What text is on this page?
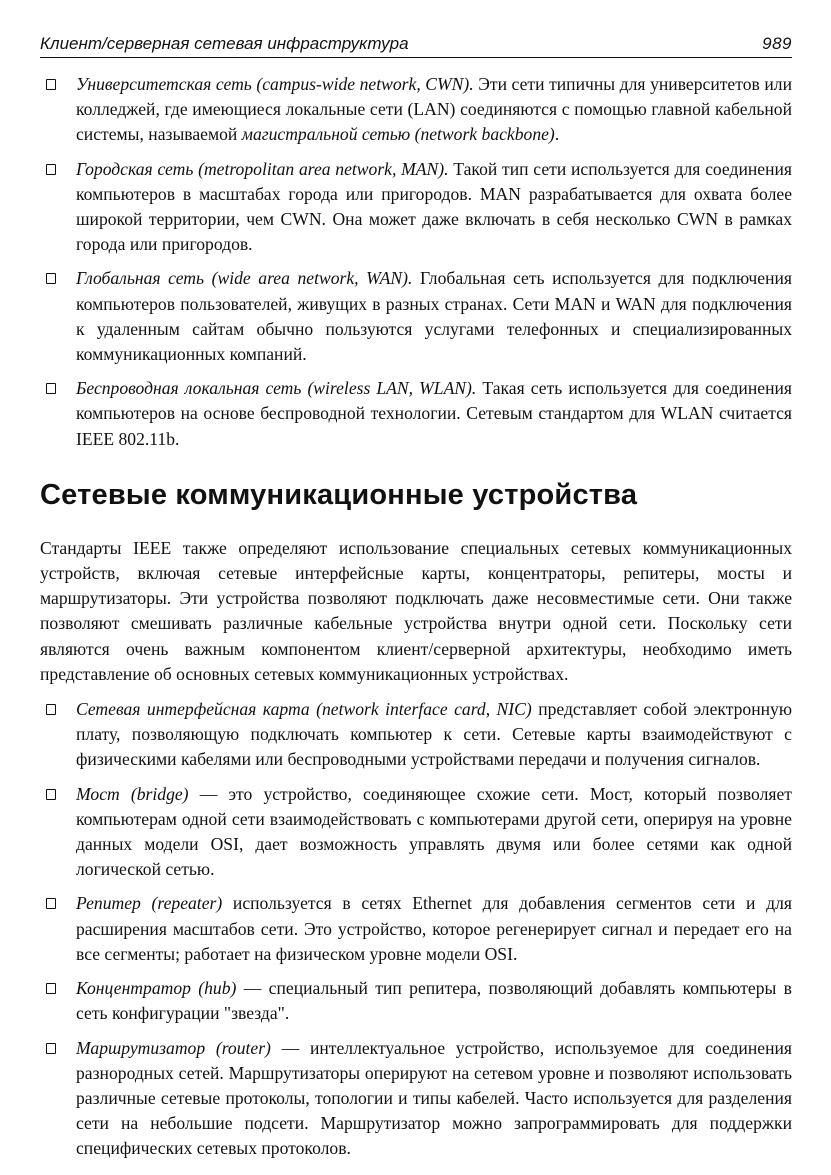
Клиент/серверная сетевая инфраструктура	989
Университетская сеть (campus-wide network, CWN). Эти сети типичны для университетов или колледжей, где имеющиеся локальные сети (LAN) соединяются с помощью главной кабельной системы, называемой магистральной сетью (network backbone).
Городская сеть (metropolitan area network, MAN). Такой тип сети используется для соединения компьютеров в масштабах города или пригородов. MAN разрабатывается для охвата более широкой территории, чем CWN. Она может даже включать в себя несколько CWN в рамках города или пригородов.
Глобальная сеть (wide area network, WAN). Глобальная сеть используется для подключения компьютеров пользователей, живущих в разных странах. Сети MAN и WAN для подключения к удаленным сайтам обычно пользуются услугами телефонных и специализированных коммуникационных компаний.
Беспроводная локальная сеть (wireless LAN, WLAN). Такая сеть используется для соединения компьютеров на основе беспроводной технологии. Сетевым стандартом для WLAN считается IEEE 802.11b.
Сетевые коммуникационные устройства

Стандарты IEEE также определяют использование специальных сетевых коммуникационных устройств, включая сетевые интерфейсные карты, концентраторы, репитеры, мосты и маршрутизаторы. Эти устройства позволяют подключать даже несовместимые сети. Они также позволяют смешивать различные кабельные устройства внутри одной сети. Поскольку сети являются очень важным компонентом клиент/серверной архитектуры, необходимо иметь представление об основных сетевых коммуникационных устройствах.

Сетевая интерфейсная карта (network interface card, NIC) представляет собой электронную плату, позволяющую подключать компьютер к сети. Сетевые карты взаимодействуют с физическими кабелями или беспроводными устройствами передачи и получения сигналов.
Мост (bridge) — это устройство, соединяющее схожие сети. Мост, который позволяет компьютерам одной сети взаимодействовать с компьютерами другой сети, оперируя на уровне данных модели OSI, дает возможность управлять двумя или более сетями как одной логической сетью.
Репитер (repeater) используется в сетях Ethernet для добавления сегментов сети и для расширения масштабов сети. Это устройство, которое регенерирует сигнал и передает его на все сегменты; работает на физическом уровне модели OSI.
Концентратор (hub) — специальный тип репитера, позволяющий добавлять компьютеры в сеть конфигурации "звезда".
Маршрутизатор (router) — интеллектуальное устройство, используемое для соединения разнородных сетей. Маршрутизаторы оперируют на сетевом уровне и позволяют использовать различные сетевые протоколы, топологии и типы кабелей. Часто используется для разделения сети на небольшие подсети. Маршрутизатор можно запрограммировать для поддержки специфических сетевых протоколов.
